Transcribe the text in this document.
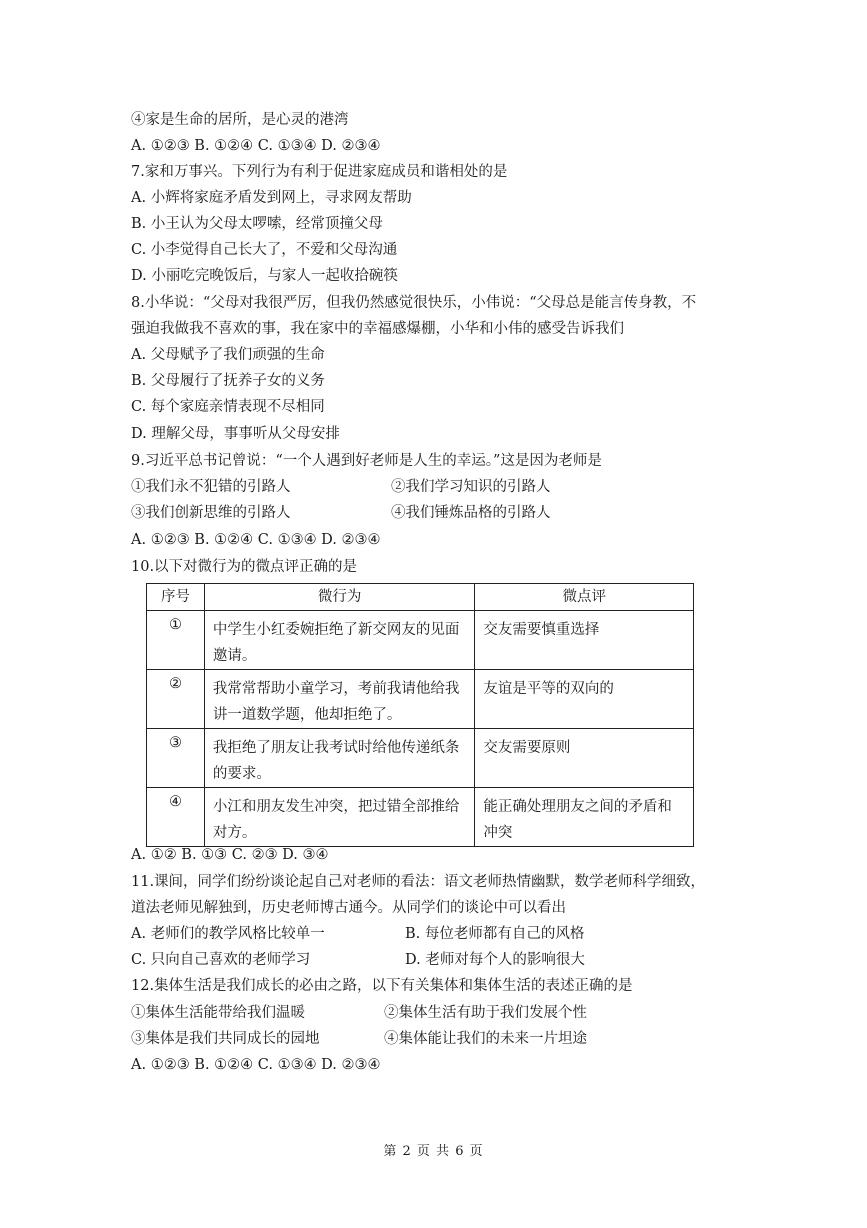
④家是生命的居所，是心灵的港湾
A. ①②③ B. ①②④ C. ①③④ D. ②③④
7.家和万事兴。下列行为有利于促进家庭成员和谐相处的是
A. 小辉将家庭矛盾发到网上，寻求网友帮助
B. 小王认为父母太啰嗦，经常顶撞父母
C. 小李觉得自己长大了，不爱和父母沟通
D. 小丽吃完晚饭后，与家人一起收拾碗筷
8.小华说：“父母对我很严厉，但我仍然感觉很快乐，小伟说：“父母总是能言传身教，不
强迫我做我不喜欢的事，我在家中的幸福感爆棚，小华和小伟的感受告诉我们
A. 父母赋予了我们顽强的生命
B. 父母履行了抚养子女的义务
C. 每个家庭亲情表现不尽相同
D. 理解父母，事事听从父母安排
9.习近平总书记曾说：“一个人遇到好老师是人生的幸运。”这是因为老师是
①我们永不犯错的引路人	②我们学习知识的引路人
③我们创新思维的引路人	④我们锤炼品格的引路人
A. ①②③ B. ①②④ C. ①③④ D. ②③④
10.以下对微行为的微点评正确的是
序号	微行为	微点评
①	中学生小红委婉拒绝了新交网友的见面邀请。	交友需要慎重选择
②	我常常帮助小童学习，考前我请他给我讲一道数学题，他却拒绝了。	友谊是平等的双向的
③	我拒绝了朋友让我考试时给他传递纸条的要求。	交友需要原则
④	小江和朋友发生冲突，把过错全部推给对方。	能正确处理朋友之间的矛盾和冲突
A. ①② B. ①③ C. ②③ D. ③④
11.课间，同学们纷纷谈论起自己对老师的看法：语文老师热情幽默，数学老师科学细致，
道法老师见解独到，历史老师博古通今。从同学们的谈论中可以看出
A. 老师们的教学风格比较单一	B. 每位老师都有自己的风格
C. 只向自己喜欢的老师学习	D. 老师对每个人的影响很大
12.集体生活是我们成长的必由之路，以下有关集体和集体生活的表述正确的是
①集体生活能带给我们温暖	②集体生活有助于我们发展个性
③集体是我们共同成长的园地	④集体能让我们的未来一片坦途
A. ①②③ B. ①②④ C. ①③④ D. ②③④
第 2 页 共 6 页
